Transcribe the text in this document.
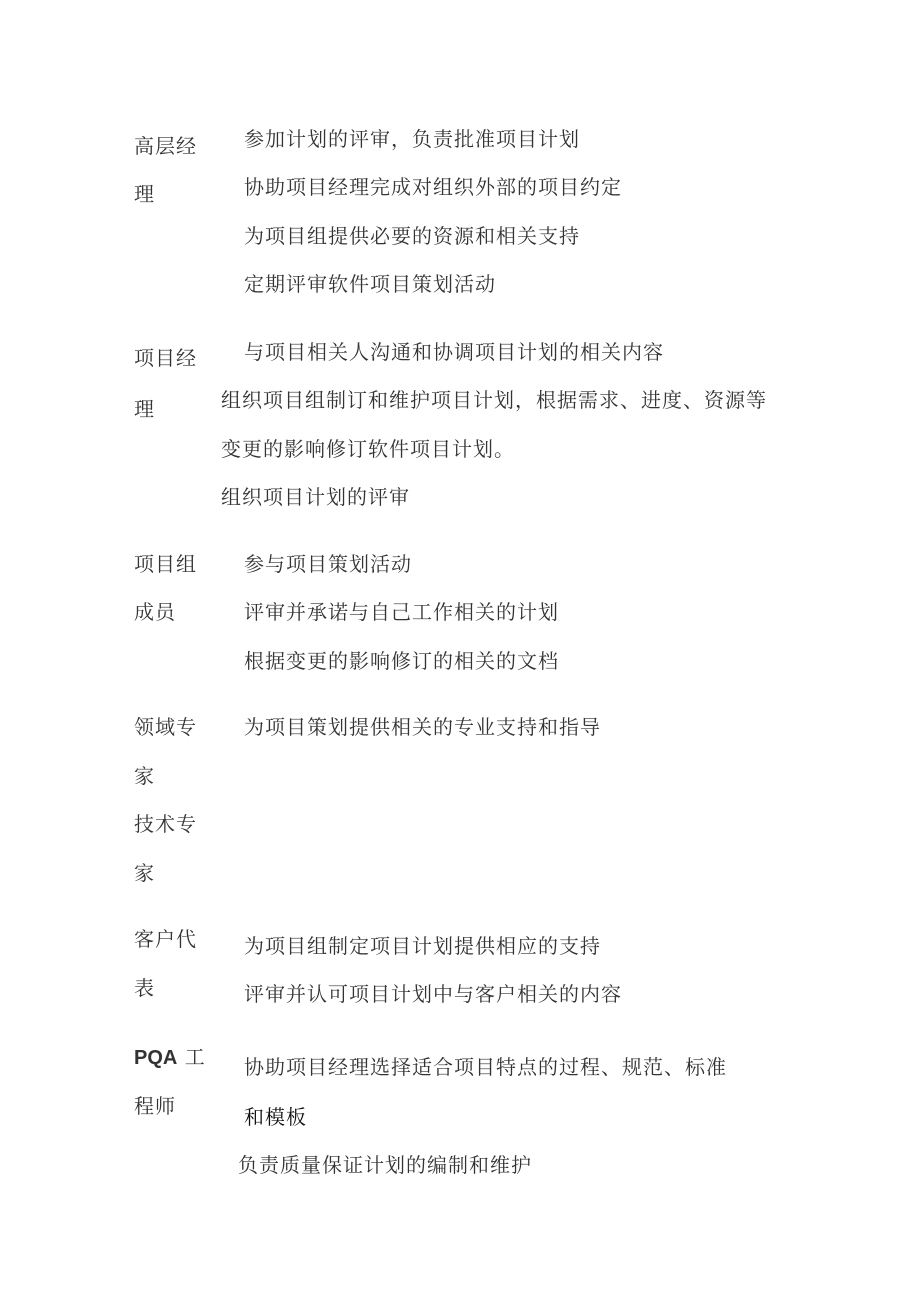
高层经
理
参加计划的评审，负责批准项目计划
协助项目经理完成对组织外部的项目约定
为项目组提供必要的资源和相关支持
定期评审软件项目策划活动
项目经
理
与项目相关人沟通和协调项目计划的相关内容
组织项目组制订和维护项目计划，根据需求、进度、资源等
变更的影响修订软件项目计划。
组织项目计划的评审
项目组
成员
参与项目策划活动
评审并承诺与自己工作相关的计划
根据变更的影响修订的相关的文档
领域专
家
技术专
家
为项目策划提供相关的专业支持和指导
客户代
表
为项目组制定项目计划提供相应的支持
评审并认可项目计划中与客户相关的内容
PQA 工
程师
协助项目经理选择适合项目特点的过程、规范、标准
和模板
负责质量保证计划的编制和维护
